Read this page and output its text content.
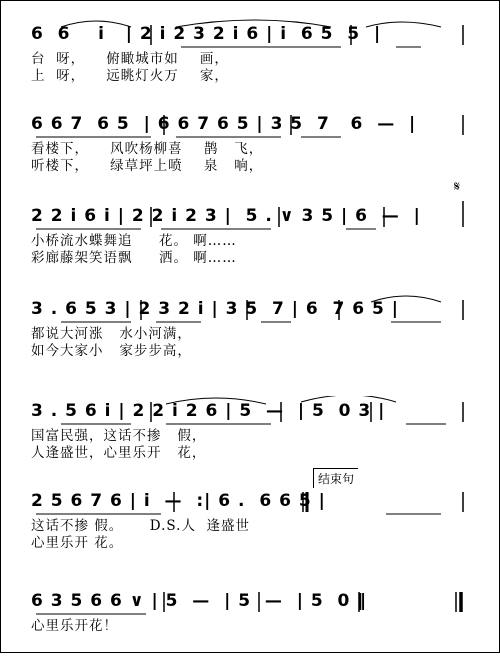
6  6    i   | 2 i 2 3 2 i 6 | i  6 5  5  |
台  呀，    俯瞰城市如    画，
上  呀，    远眺灯火万    家，
6 6 7  6 5  | 6 6 7 6 5 | 3 5  7   6  —  |
看楼下，    风吹杨柳喜    鹊   飞，
听楼下，    绿草坪上喷    泉   响，
𝄋
2 2 i 6 i | 2 2 i 2 3 |  5 . ∨ 3 5 | 6  —  |
小桥流水蝶舞追     花。 啊……
彩廊藤架笑语飘     洒。 啊……
3 . 6 5 3 | 2 3 2 i | 3 5  7 | 6  7 6 5 |
都说大河涨   水小河满，
如今大家小   家步步高，
3 . 5 6 i | 2 2 i 2 6 | 5  —  | 5  0 3 |
国富民强，这话不掺   假，
人逢盛世，心里乐开   花，
结束句
2 5 6 7 6 | i  —  :| 6 .  6 6 5 |
这话不掺 假。     D.S.人  逢盛世
心里乐开 花。
6 3 5 6 6 ∨ | 5  —  | 5  —  | 5  0 ‖
心里乐开花！
